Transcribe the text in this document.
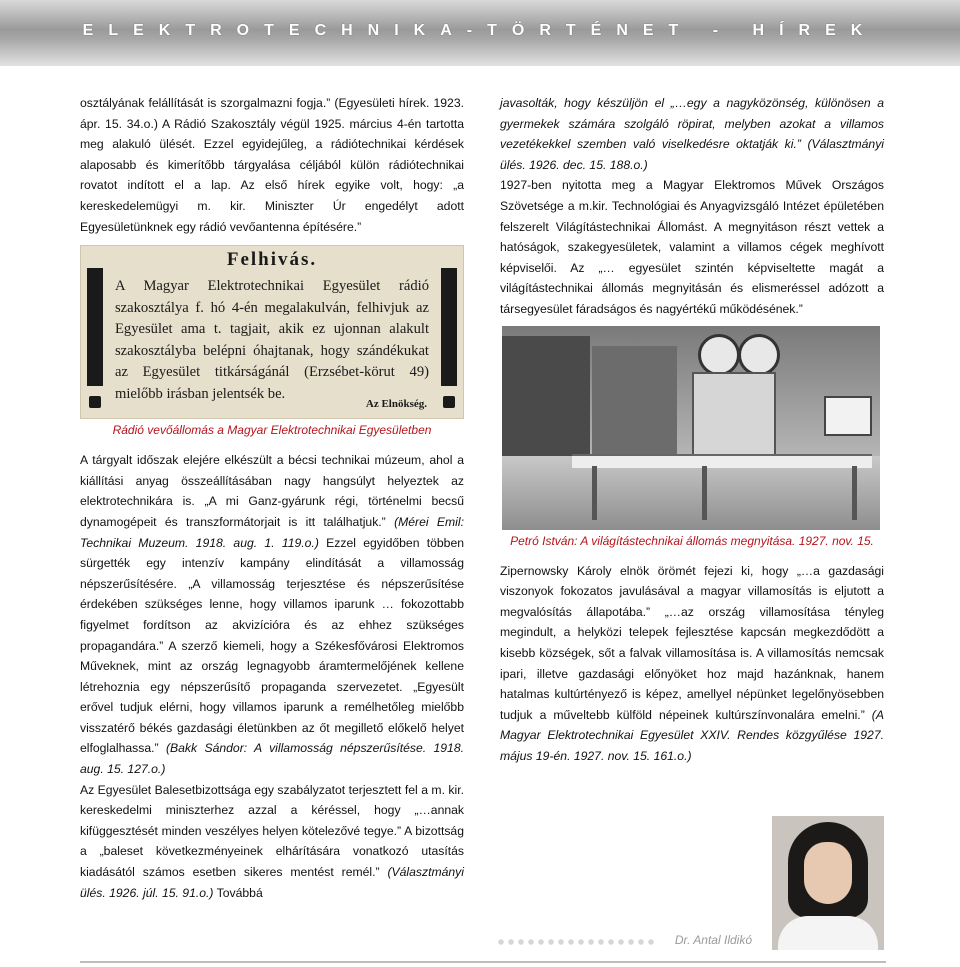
ELEKTROTECHNIKA-TÖRTÉNET - HÍREK

osztályának felállítását is szorgalmazni fogja.” (Egyesületi hírek. 1923. ápr. 15. 34.o.) A Rádió Szakosztály végül 1925. március 4-én tartotta meg alakuló ülését. Ezzel egyidejűleg, a rádiótechnikai kérdések alaposabb és kimerítőbb tárgyalása céljából külön rádiótechnikai rovatot indított el a lap. Az első hírek egyike volt, hogy: „a kereskedelemügyi m. kir. Miniszter Úr engedélyt adott Egyesületünknek egy rádió vevőantenna építésére.”

Felhivás.
A Magyar Elektrotechnikai Egyesület rádió szakosztálya f. hó 4-én megalakulván, felhivjuk az Egyesület ama t. tagjait, akik ez ujonnan alakult szakosztályba belépni óhajtanak, hogy szándékukat az Egyesület titkárságánál (Erzsébet-körut 49) mielőbb irásban jelentsék be.
Az Elnökség.
Rádió vevőállomás a Magyar Elektrotechnikai Egyesületben

A tárgyalt időszak elejére elkészült a bécsi technikai múzeum, ahol a kiállítási anyag összeállításában nagy hangsúlyt helyeztek az elektrotechnikára is. „A mi Ganz-gyárunk régi, történelmi becsű dynamogépeit és transzformátorjait is itt találhatjuk.” (Mérei Emil: Technikai Muzeum. 1918. aug. 1. 119.o.) Ezzel egyidőben többen sürgették egy intenzív kampány elindítását a villamosság népszerűsítésére. „A villamosság terjesztése és népszerűsítése érdekében szükséges lenne, hogy villamos iparunk … fokozottabb figyelmet fordítson az akvizícióra és az ehhez szükséges propagandára.” A szerző kiemeli, hogy a Székesfővárosi Elektromos Műveknek, mint az ország legnagyobb áramtermelőjének kellene létrehoznia egy népszerűsítő propaganda szervezetet. „Egyesült erővel tudjuk elérni, hogy villamos iparunk a remélhetőleg mielőbb visszatérő békés gazdasági életünkben az őt megillető előkelő helyet elfoglalhassa.” (Bakk Sándor: A villamosság népszerűsítése. 1918. aug. 15. 127.o.)

Az Egyesület Balesetbizottsága egy szabályzatot terjesztett fel a m. kir. kereskedelmi miniszterhez azzal a kéréssel, hogy „…annak kifüggesztését minden veszélyes helyen kötelezővé tegye.” A bizottság a „baleset következményeinek elhárítására vonatkozó utasítás kiadásától számos esetben sikeres mentést remél.” (Választmányi ülés. 1926. júl. 15. 91.o.) Továbbá

javasolták, hogy készüljön el „…egy a nagyközönség, különösen a gyermekek számára szolgáló röpirat, melyben azokat a villamos vezetékekkel szemben való viselkedésre oktatják ki.” (Választmányi ülés. 1926. dec. 15. 188.o.)

1927-ben nyitotta meg a Magyar Elektromos Művek Országos Szövetsége a m.kir. Technológiai és Anyagvizsgáló Intézet épületében felszerelt Világítástechnikai Állomást. A megnyitáson részt vettek a hatóságok, szakegyesületek, valamint a villamos cégek meghívott képviselői. Az „… egyesület szintén képviseltette magát a világítástechnikai állomás megnyitásán és elismeréssel adózott a társegyesület fáradságos és nagyértékű működésének.”

Petró István: A világítástechnikai állomás megnyitása. 1927. nov. 15.

Zipernowsky Károly elnök örömét fejezi ki, hogy „…a gazdasági viszonyok fokozatos javulásával a magyar villamosítás is eljutott a megvalósítás állapotába.” „…az ország villamosítása tényleg megindult, a helyközi telepek fejlesztése kapcsán megkezdődött a kisebb községek, sőt a falvak villamosítása is. A villamosítás nemcsak ipari, illetve gazdasági előnyöket hoz majd hazánknak, hanem hatalmas kultúrtényező is képez, amellyel népünket legelőnyösebben tudjuk a műveltebb külföld népeinek kultúrszínvonalára emelni.” (A Magyar Elektrotechnikai Egyesület XXIV. Rendes közgyűlése 1927. május 19-én. 1927. nov. 15. 161.o.)

Dr. Antal Ildikó
